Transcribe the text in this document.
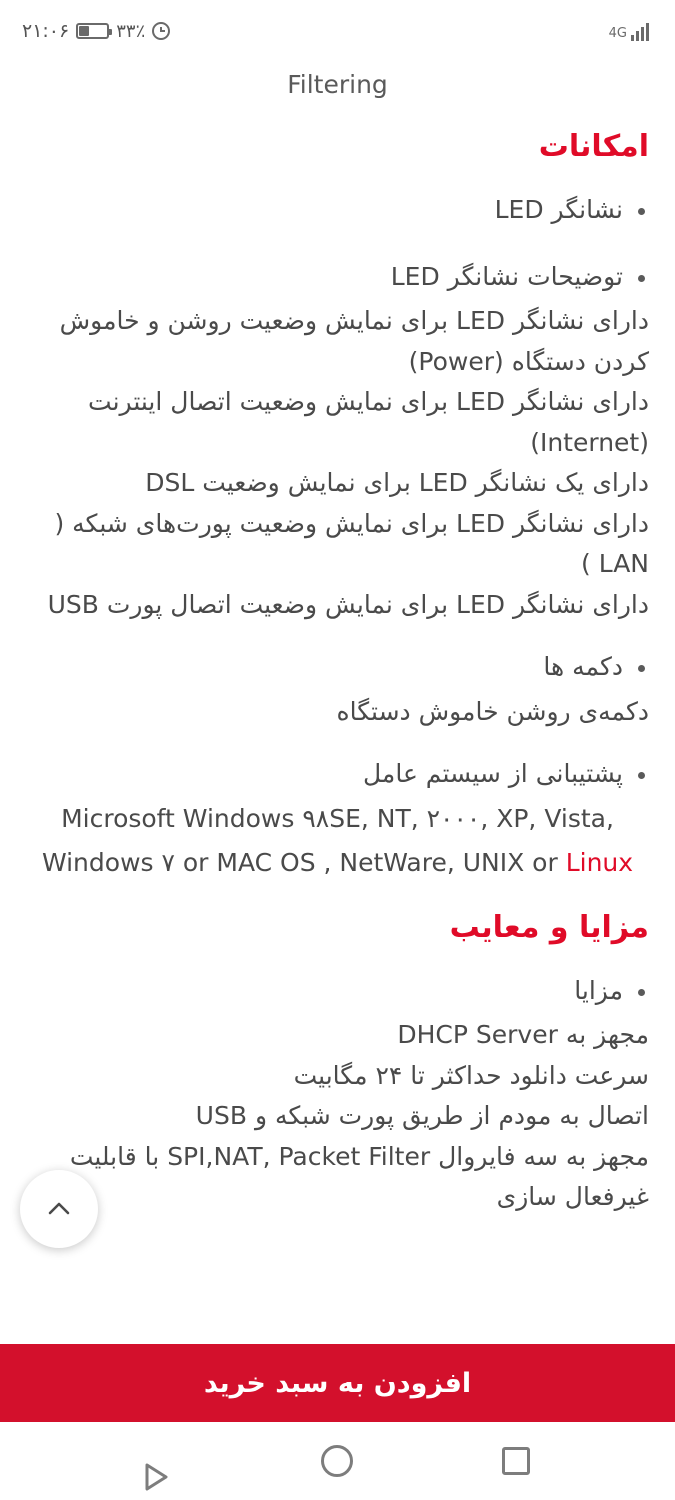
۲۱:۰۶	۳۳٪	4G
Filtering
امکانات
نشانگر LED
توضیحات نشانگر LED
دارای نشانگر LED برای نمایش وضعیت روشن و خاموش کردن دستگاه (Power)
دارای نشانگر LED برای نمایش وضعیت اتصال اینترنت (Internet)
دارای یک نشانگر LED برای نمایش وضعیت DSL
دارای نشانگر LED برای نمایش وضعیت پورت‌های شبکه ( LAN )
دارای نشانگر LED برای نمایش وضعیت اتصال پورت USB
دکمه ها
دکمه‌ی روشن خاموش دستگاه
پشتیبانی از سیستم عامل
Microsoft Windows ۹۸SE, NT, ۲۰۰۰, XP, Vista,
Windows ۷ or MAC OS , NetWare, UNIX or Linux
مزایا و معایب
مزایا
مجهز به DHCP Server
سرعت دانلود حداکثر تا ۲۴ مگابیت
اتصال به مودم از طریق پورت شبکه و USB
مجهز به سه فایروال SPI,NAT, Packet Filter با قابلیت غیرفعال سازی
افزودن به سبد خرید
